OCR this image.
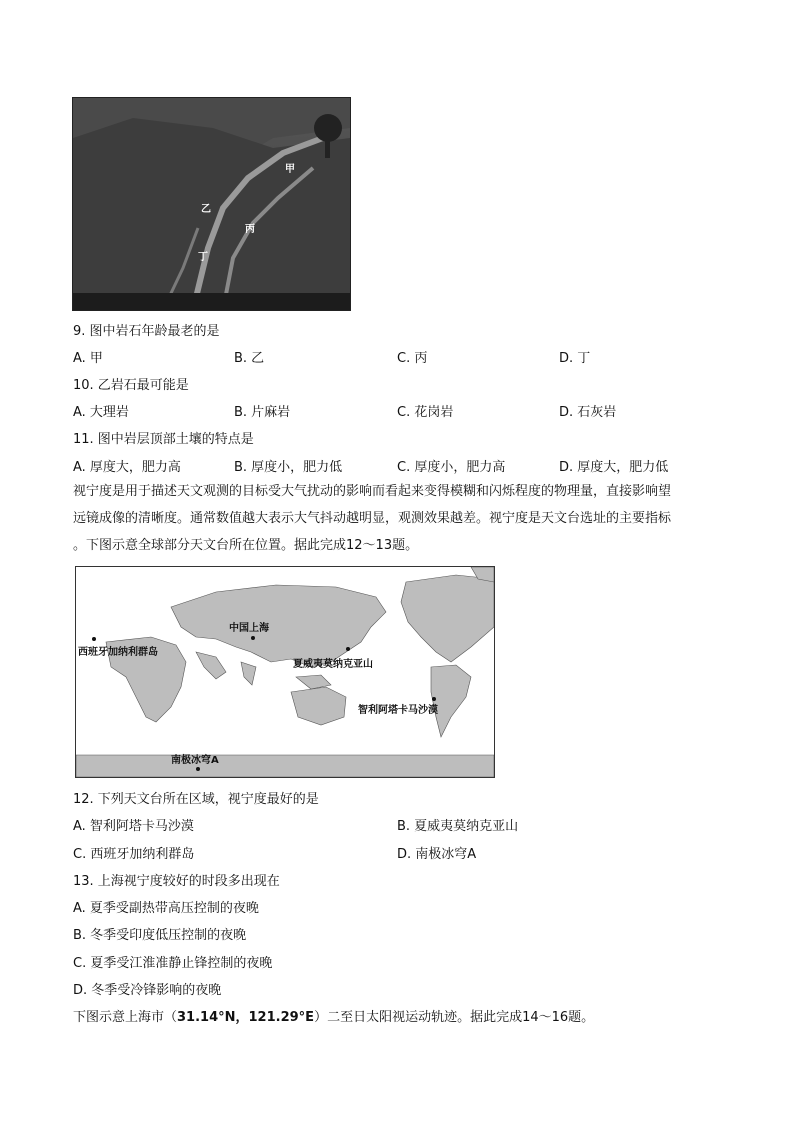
甲
乙
丙
丁
9. 图中岩石年龄最老的是
A. 甲	B. 乙	C. 丙	D. 丁
10. 乙岩石最可能是
A. 大理岩	B. 片麻岩	C. 花岗岩	D. 石灰岩
11. 图中岩层顶部土壤的特点是
A. 厚度大，肥力高	B. 厚度小，肥力低	C. 厚度小，肥力高	D. 厚度大，肥力低
视宁度是用于描述天文观测的目标受大气扰动的影响而看起来变得模糊和闪烁程度的物理量，直接影响望
远镜成像的清晰度。通常数值越大表示大气抖动越明显，观测效果越差。视宁度是天文台选址的主要指标
。下图示意全球部分天文台所在位置。据此完成12～13题。
西班牙加纳利群岛
中国上海
夏威夷莫纳克亚山
智利阿塔卡马沙漠
南极冰穹A
12. 下列天文台所在区域，视宁度最好的是
A. 智利阿塔卡马沙漠	B. 夏威夷莫纳克亚山
C. 西班牙加纳利群岛	D. 南极冰穹A
13. 上海视宁度较好的时段多出现在
A. 夏季受副热带高压控制的夜晚
B. 冬季受印度低压控制的夜晚
C. 夏季受江淮准静止锋控制的夜晚
D. 冬季受冷锋影响的夜晚
下图示意上海市（31.14°N，121.29°E）二至日太阳视运动轨迹。据此完成14～16题。
